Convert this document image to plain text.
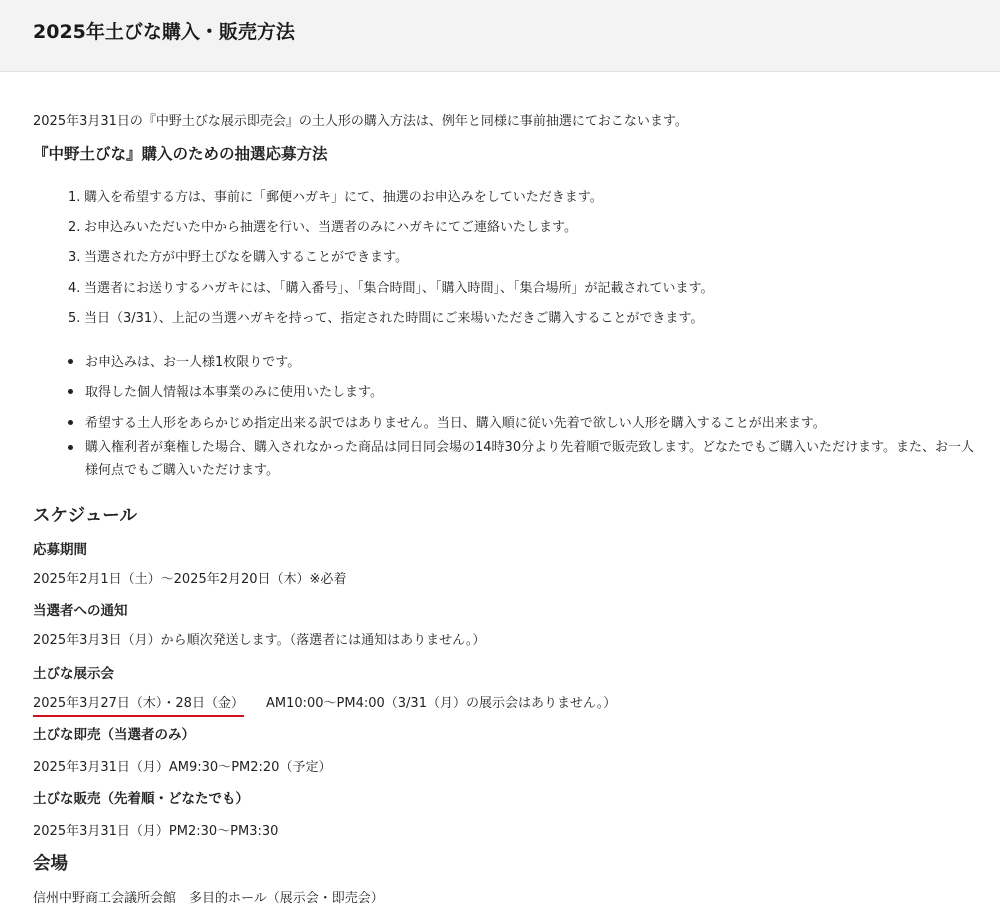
2025年土びな購入・販売方法
2025年3月31日の『中野土びな展示即売会』の土人形の購入方法は、例年と同様に事前抽選にておこないます。
『中野土びな』購入のための抽選応募方法
1. 購入を希望する方は、事前に「郵便ハガキ」にて、抽選のお申込みをしていただきます。
2. お申込みいただいた中から抽選を行い、当選者のみにハガキにてご連絡いたします。
3. 当選された方が中野土びなを購入することができます。
4. 当選者にお送りするハガキには、「購入番号」、「集合時間」、「購入時間」、「集合場所」が記載されています。
5. 当日（3/31）、上記の当選ハガキを持って、指定された時間にご来場いただきご購入することができます。
お申込みは、お一人様1枚限りです。
取得した個人情報は本事業のみに使用いたします。
希望する土人形をあらかじめ指定出来る訳ではありません。当日、購入順に従い先着で欲しい人形を購入することが出来ます。
購入権利者が棄権した場合、購入されなかった商品は同日同会場の14時30分より先着順で販売致します。どなたでもご購入いただけます。また、お一人様何点でもご購入いただけます。
スケジュール
応募期間
2025年2月1日（土）～2025年2月20日（木）※必着
当選者への通知
2025年3月3日（月）から順次発送します。（落選者には通知はありません。）
土びな展示会
2025年3月27日（木）・28日（金） AM10:00～PM4:00（3/31（月）の展示会はありません。）
土びな即売（当選者のみ）
2025年3月31日（月）AM9:30～PM2:20（予定）
土びな販売（先着順・どなたでも）
2025年3月31日（月）PM2:30～PM3:30
会場
信州中野商工会議所会館　多目的ホール（展示会・即売会）
